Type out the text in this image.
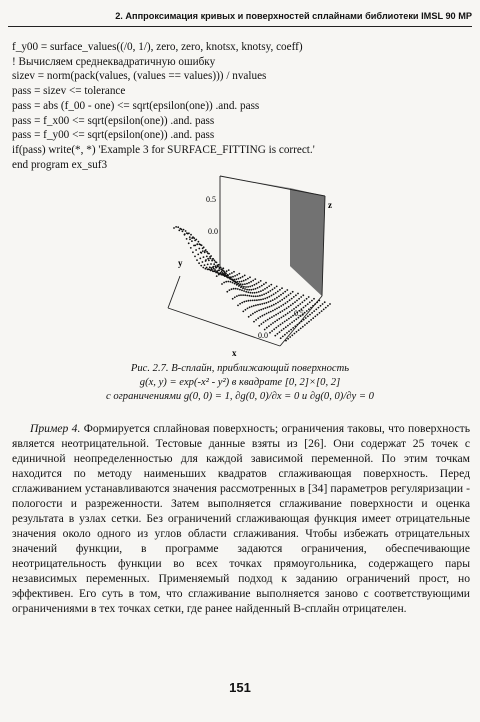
2. Аппроксимация кривых и поверхностей сплайнами библиотеки IMSL 90 MP
f_y00 = surface_values((/0, 1/), zero, zero, knotsx, knotsy, coeff)
! Вычисляем среднеквадратичную ошибку
sizev = norm(pack(values, (values == values))) / nvalues
pass = sizev <= tolerance
pass = abs (f_00 - one) <= sqrt(epsilon(one)) .and. pass
pass = f_x00 <= sqrt(epsilon(one)) .and. pass
pass = f_y00 <= sqrt(epsilon(one)) .and. pass
if(pass) write(*, *) 'Example 3 for SURFACE_FITTING is correct.'
end program ex_suf3
0.5
0.0
0.5
0.0
z
y
x
Рис. 2.7. B-сплайн, приближающий поверхность
g(x, y) = exp(-x² - y²) в квадрате [0, 2]×[0, 2]
с ограничениями g(0, 0) = 1, ∂g(0, 0)/∂x = 0 и ∂g(0, 0)/∂y = 0

Пример 4. Формируется сплайновая поверхность; ограничения таковы, что поверхность является неотрицательной. Тестовые данные взяты из [26]. Они содержат 25 точек с единичной неопределенностью для каждой зависимой переменной. По этим точкам находится по методу наименьших квадратов сглаживающая поверхность. Перед сглаживанием устанавливаются значения рассмотренных в [34] параметров регуляризации - пологости и разреженности. Затем выполняется сглаживание поверхности и оценка результата в узлах сетки. Без ограничений сглаживающая функция имеет отрицательные значения около одного из углов области сглаживания. Чтобы избежать отрицательных значений функции, в программе задаются ограничения, обеспечивающие неотрицательность функции во всех точках прямоугольника, содержащего пары независимых переменных. Применяемый подход к заданию ограничений прост, но эффективен. Его суть в том, что сглаживание выполняется заново с соответствующими ограничениями в тех точках сетки, где ранее найденный B-сплайн отрицателен.

151
